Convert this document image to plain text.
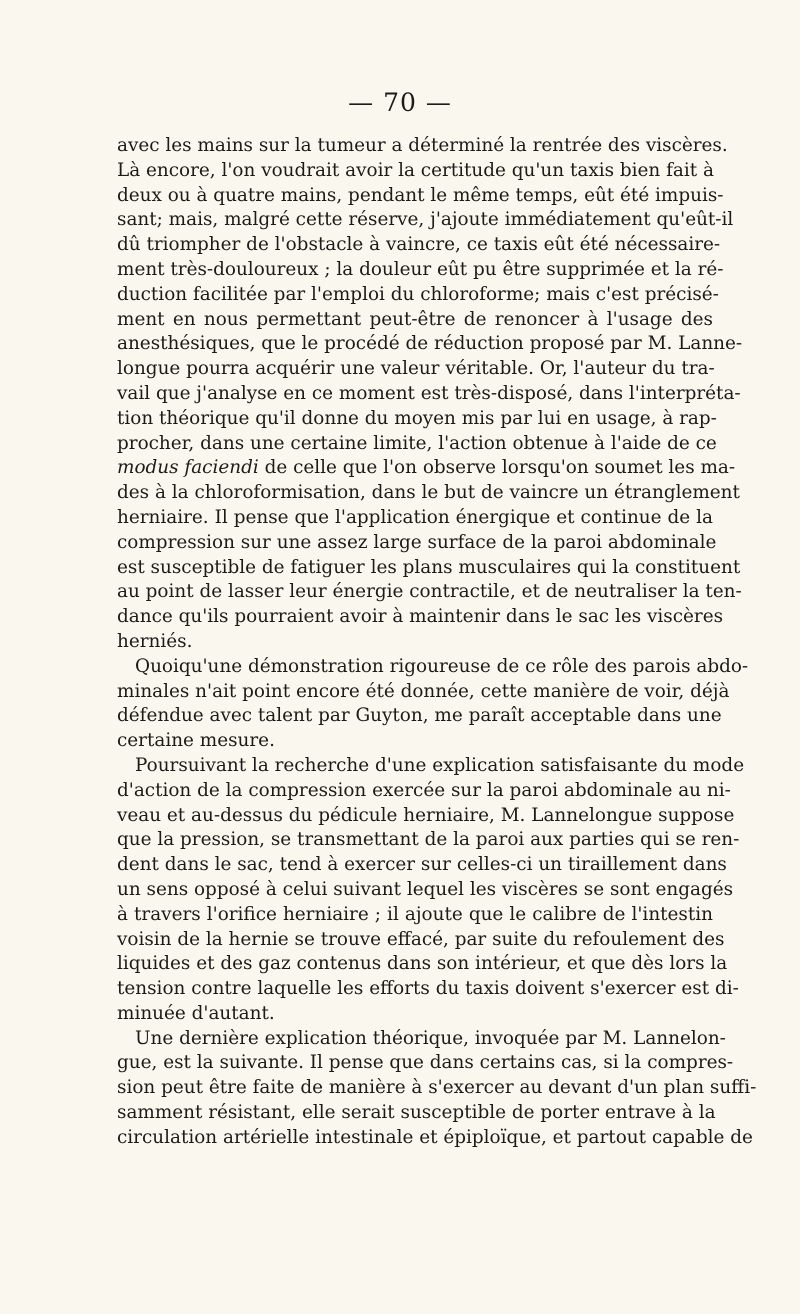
— 70 —
avec les mains sur la tumeur a déterminé la rentrée des viscères.
Là encore, l'on voudrait avoir la certitude qu'un taxis bien fait à
deux ou à quatre mains, pendant le même temps, eût été impuis-
sant; mais, malgré cette réserve, j'ajoute immédiatement qu'eût-il
dû triompher de l'obstacle à vaincre, ce taxis eût été nécessaire-
ment très-douloureux ; la douleur eût pu être supprimée et la ré-
duction facilitée par l'emploi du chloroforme; mais c'est précisé-
ment en nous permettant peut-être de renoncer à l'usage des
anesthésiques, que le procédé de réduction proposé par M. Lanne-
longue pourra acquérir une valeur véritable. Or, l'auteur du tra-
vail que j'analyse en ce moment est très-disposé, dans l'interpréta-
tion théorique qu'il donne du moyen mis par lui en usage, à rap-
procher, dans une certaine limite, l'action obtenue à l'aide de ce
modus faciendi de celle que l'on observe lorsqu'on soumet les ma-
des à la chloroformisation, dans le but de vaincre un étranglement
herniaire. Il pense que l'application énergique et continue de la
compression sur une assez large surface de la paroi abdominale
est susceptible de fatiguer les plans musculaires qui la constituent
au point de lasser leur énergie contractile, et de neutraliser la ten-
dance qu'ils pourraient avoir à maintenir dans le sac les viscères
herniés.
Quoiqu'une démonstration rigoureuse de ce rôle des parois abdo-
minales n'ait point encore été donnée, cette manière de voir, déjà
défendue avec talent par Guyton, me paraît acceptable dans une
certaine mesure.
Poursuivant la recherche d'une explication satisfaisante du mode
d'action de la compression exercée sur la paroi abdominale au ni-
veau et au-dessus du pédicule herniaire, M. Lannelongue suppose
que la pression, se transmettant de la paroi aux parties qui se ren-
dent dans le sac, tend à exercer sur celles-ci un tiraillement dans
un sens opposé à celui suivant lequel les viscères se sont engagés
à travers l'orifice herniaire ; il ajoute que le calibre de l'intestin
voisin de la hernie se trouve effacé, par suite du refoulement des
liquides et des gaz contenus dans son intérieur, et que dès lors la
tension contre laquelle les efforts du taxis doivent s'exercer est di-
minuée d'autant.
Une dernière explication théorique, invoquée par M. Lannelon-
gue, est la suivante. Il pense que dans certains cas, si la compres-
sion peut être faite de manière à s'exercer au devant d'un plan suffi-
samment résistant, elle serait susceptible de porter entrave à la
circulation artérielle intestinale et épiploïque, et partout capable de
